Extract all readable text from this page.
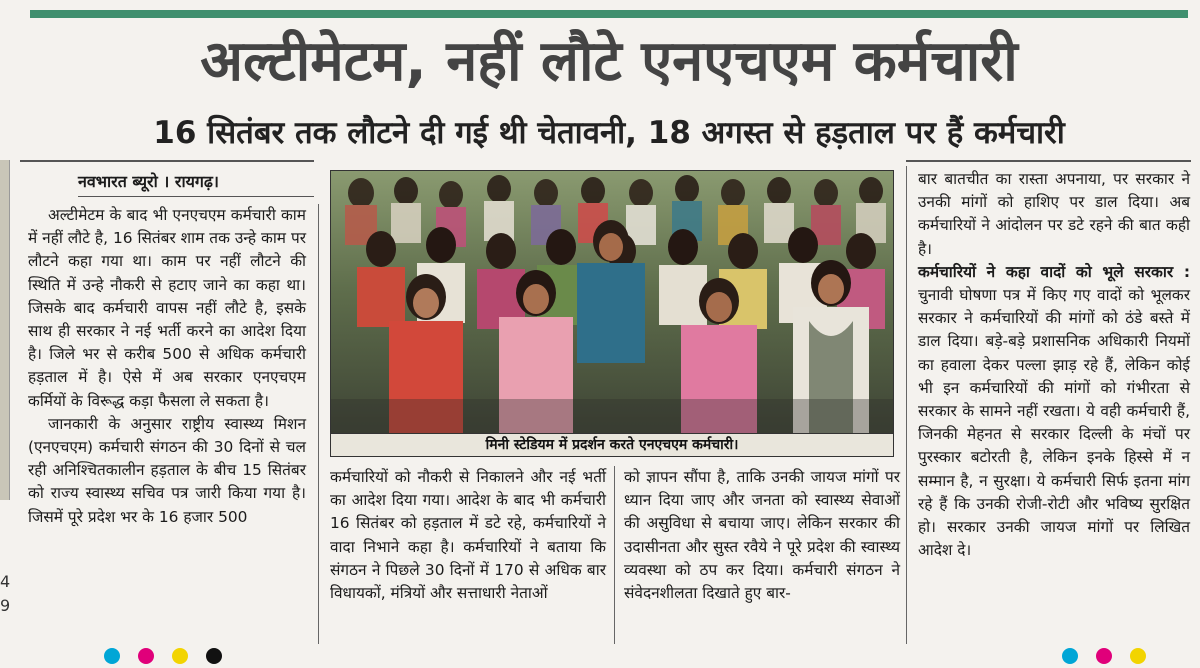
4
9
अल्टीमेटम, नहीं लौटे एनएचएम कर्मचारी
16 सितंबर तक लौटने दी गई थी चेतावनी, 18 अगस्त से हड़ताल पर हैं कर्मचारी
नवभारत ब्यूरो । रायगढ़।

अल्टीमेटम के बाद भी एनएचएम कर्मचारी काम में नहीं लौटे है, 16 सितंबर शाम तक उन्हे काम पर लौटने कहा गया था। काम पर नहीं लौटने की स्थिति में उन्हे नौकरी से हटाए जाने का कहा था। जिसके बाद कर्मचारी वापस नहीं लौटे है, इसके साथ ही सरकार ने नई भर्ती करने का आदेश दिया है। जिले भर से करीब 500 से अधिक कर्मचारी हड़ताल में है। ऐसे में अब सरकार एनएचएम कर्मियों के विरूद्ध कड़ा फैसला ले सकता है।

जानकारी के अनुसार राष्ट्रीय स्वास्थ्य मिशन (एनएचएम) कर्मचारी संगठन की 30 दिनों से चल रही अनिश्चितकालीन हड़ताल के बीच 15 सितंबर को राज्य स्वास्थ्य सचिव पत्र जारी किया गया है। जिसमें पूरे प्रदेश भर के 16 हजार 500

मिनी स्टेडियम में प्रदर्शन करते एनएचएम कर्मचारी।

कर्मचारियों को नौकरी से निकालने और नई भर्ती का आदेश दिया गया। आदेश के बाद भी कर्मचारी 16 सितंबर को हड़ताल में डटे रहे, कर्मचारियों ने वादा निभाने कहा है। कर्मचारियों ने बताया कि संगठन ने पिछले 30 दिनों में 170 से अधिक बार विधायकों, मंत्रियों और सत्ताधारी नेताओं

को ज्ञापन सौंपा है, ताकि उनकी जायज मांगों पर ध्यान दिया जाए और जनता को स्वास्थ्य सेवाओं की असुविधा से बचाया जाए। लेकिन सरकार की उदासीनता और सुस्त रवैये ने पूरे प्रदेश की स्वास्थ्य व्यवस्था को ठप कर दिया। कर्मचारी संगठन ने संवेदनशीलता दिखाते हुए बार-

बार बातचीत का रास्ता अपनाया, पर सरकार ने उनकी मांगों को हाशिए पर डाल दिया। अब कर्मचारियों ने आंदोलन पर डटे रहने की बात कही है।

कर्मचारियों ने कहा वादों को भूले सरकार : चुनावी घोषणा पत्र में किए गए वादों को भूलकर सरकार ने कर्मचारियों की मांगों को ठंडे बस्ते में डाल दिया। बड़े-बड़े प्रशासनिक अधिकारी नियमों का हवाला देकर पल्ला झाड़ रहे हैं, लेकिन कोई भी इन कर्मचारियों की मांगों को गंभीरता से सरकार के सामने नहीं रखता। ये वही कर्मचारी हैं, जिनकी मेहनत से सरकार दिल्ली के मंचों पर पुरस्कार बटोरती है, लेकिन इनके हिस्से में न सम्मान है, न सुरक्षा। ये कर्मचारी सिर्फ इतना मांग रहे हैं कि उनकी रोजी-रोटी और भविष्य सुरक्षित हो। सरकार उनकी जायज मांगों पर लिखित आदेश दे।
